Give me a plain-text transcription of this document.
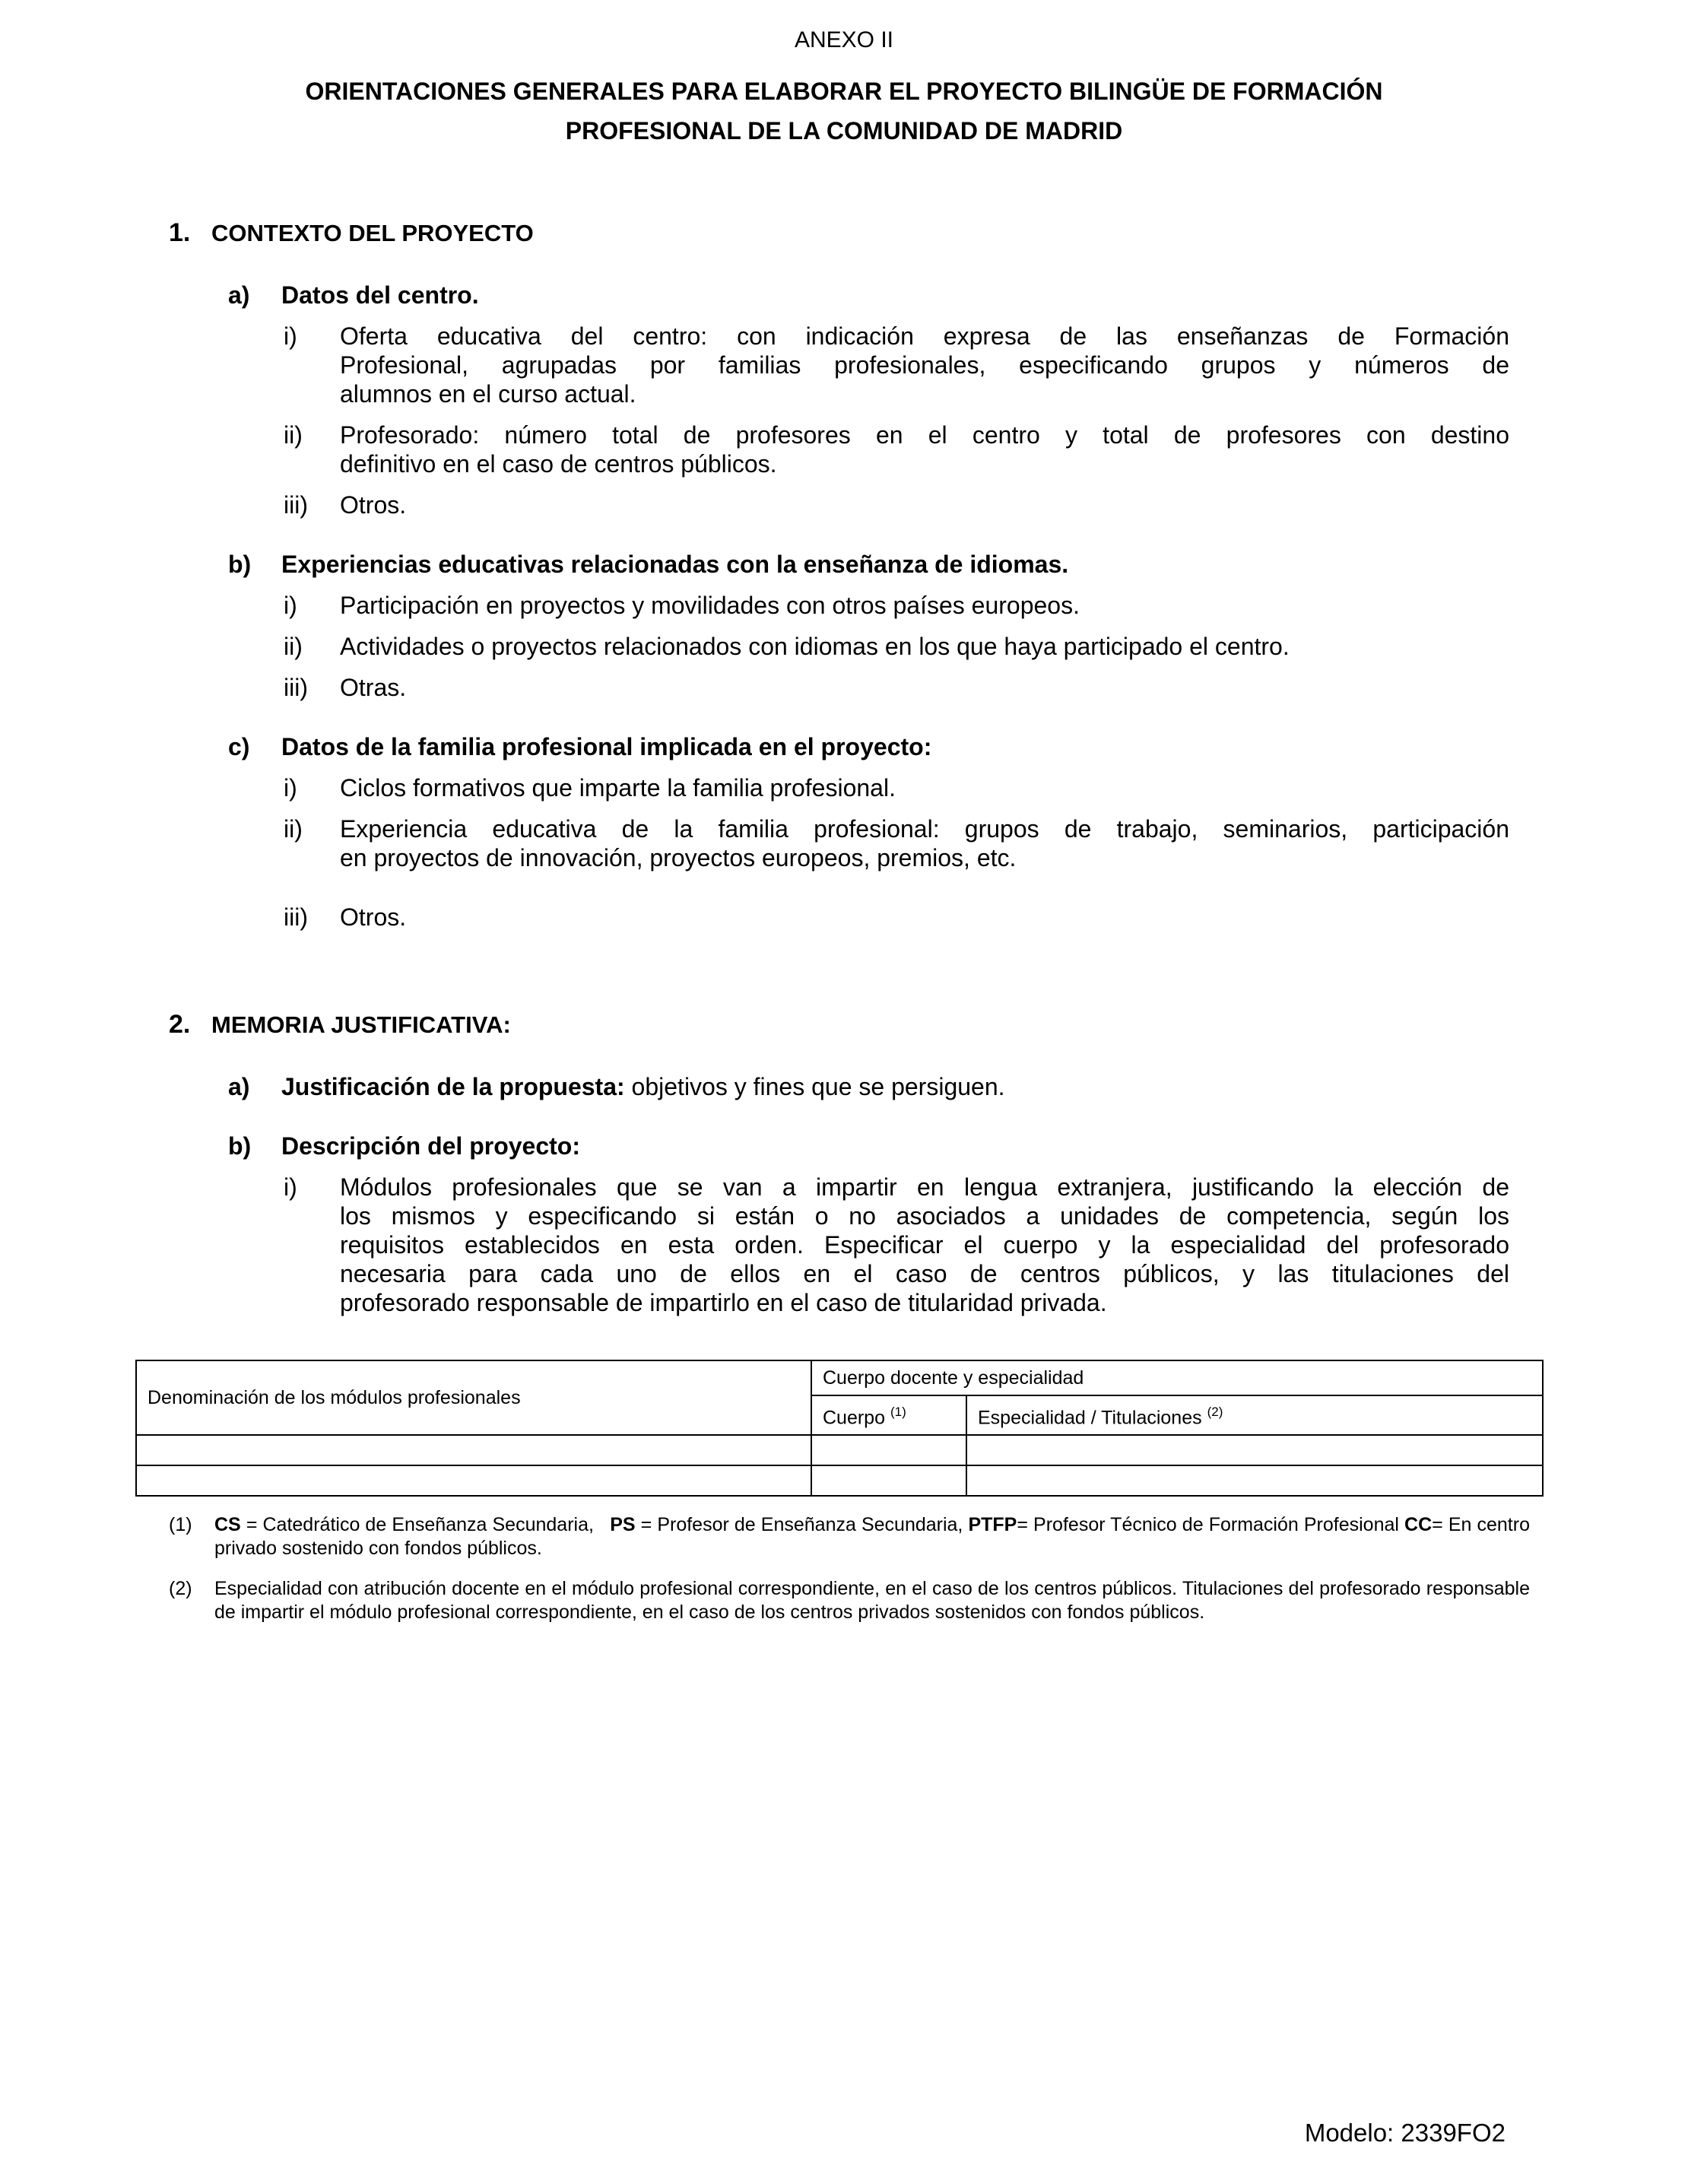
ANEXO II
ORIENTACIONES GENERALES PARA ELABORAR EL PROYECTO BILINGÜE DE FORMACIÓN
PROFESIONAL DE LA COMUNIDAD DE MADRID
1. CONTEXTO DEL PROYECTO
a)	Datos del centro.
i)	Oferta educativa del centro: con indicación expresa de las enseñanzas de Formación
Profesional, agrupadas por familias profesionales, especificando grupos y números de
alumnos en el curso actual.
ii)	Profesorado: número total de profesores en el centro y total de profesores con destino
definitivo en el caso de centros públicos.
iii)	Otros.
b)	Experiencias educativas relacionadas con la enseñanza de idiomas.
i)	Participación en proyectos y movilidades con otros países europeos.
ii)	Actividades o proyectos relacionados con idiomas en los que haya participado el centro.
iii)	Otras.
c)	Datos de la familia profesional implicada en el proyecto:
i)	Ciclos formativos que imparte la familia profesional.
ii)	Experiencia educativa de la familia profesional: grupos de trabajo, seminarios, participación
en proyectos de innovación, proyectos europeos, premios, etc.
iii)	Otros.
2. MEMORIA JUSTIFICATIVA:
a)	Justificación de la propuesta: objetivos y fines que se persiguen.
b)	Descripción del proyecto:
i)	Módulos profesionales que se van a impartir en lengua extranjera, justificando la elección de
los mismos y especificando si están o no asociados a unidades de competencia, según los
requisitos establecidos en esta orden. Especificar el cuerpo y la especialidad del profesorado
necesaria para cada uno de ellos en el caso de centros públicos, y las titulaciones del
profesorado responsable de impartirlo en el caso de titularidad privada.
Denominación de los módulos profesionales	Cuerpo docente y especialidad	
	Cuerpo $^{(1)}$	Especialidad / Titulaciones $^{(2)}$

(1)	CS = Catedrático de Enseñanza Secundaria,   PS = Profesor de Enseñanza Secundaria, PTFP= Profesor Técnico de Formación Profesional CC= En centro privado sostenido con fondos públicos.
(2)	Especialidad con atribución docente en el módulo profesional correspondiente, en el caso de los centros públicos. Titulaciones del profesorado responsable de impartir el módulo profesional correspondiente, en el caso de los centros privados sostenidos con fondos públicos.
Modelo: 2339FO2
